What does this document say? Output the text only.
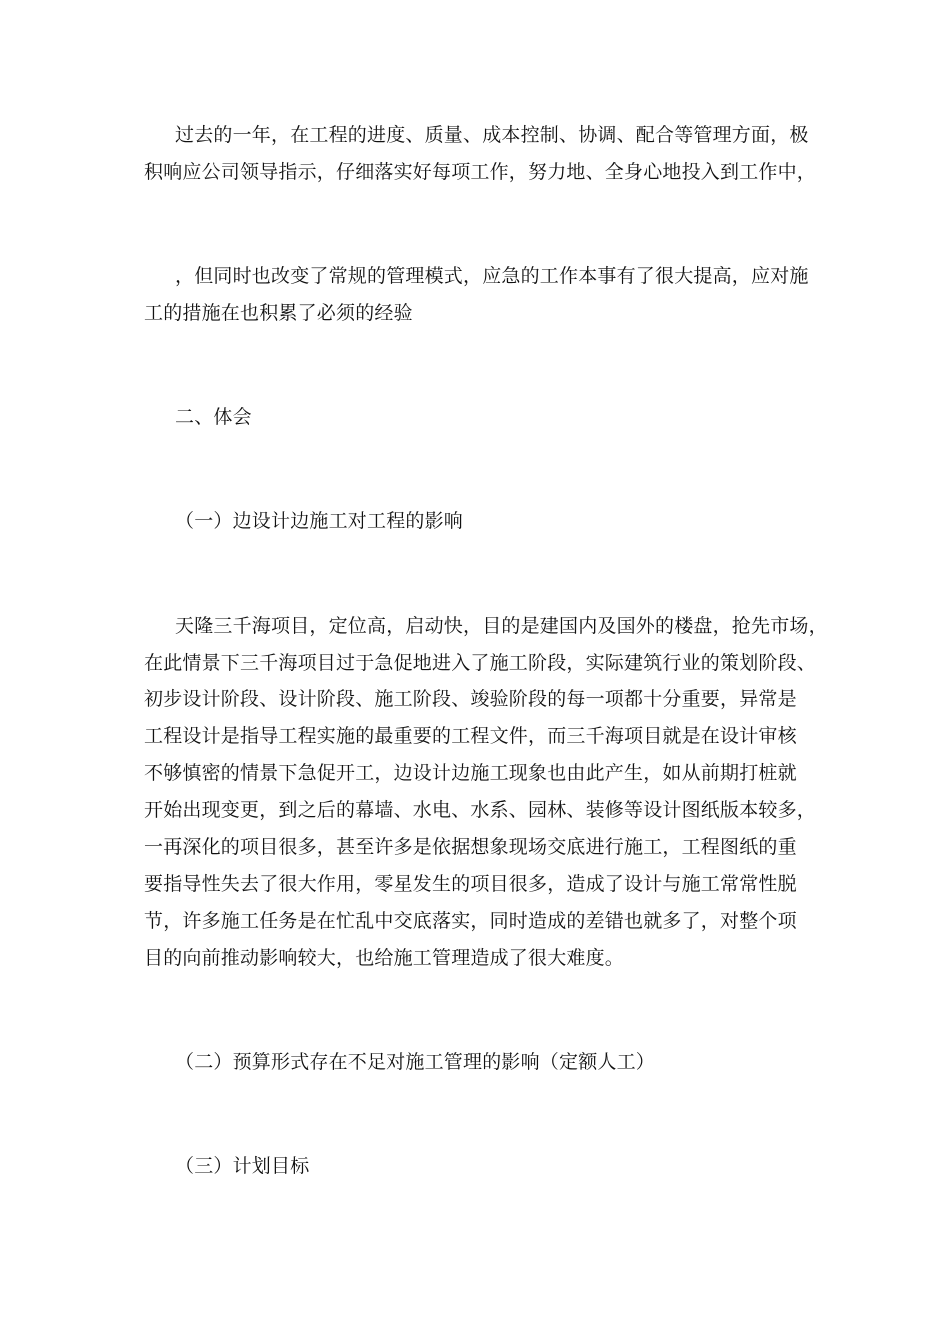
过去的一年，在工程的进度、质量、成本控制、协调、配合等管理方面，极
积响应公司领导指示，仔细落实好每项工作，努力地、全身心地投入到工作中，
，但同时也改变了常规的管理模式，应急的工作本事有了很大提高，应对施
工的措施在也积累了必须的经验
二、体会
（一）边设计边施工对工程的影响
天隆三千海项目，定位高，启动快，目的是建国内及国外的楼盘，抢先市场，
在此情景下三千海项目过于急促地进入了施工阶段，实际建筑行业的策划阶段、
初步设计阶段、设计阶段、施工阶段、竣验阶段的每一项都十分重要，异常是
工程设计是指导工程实施的最重要的工程文件，而三千海项目就是在设计审核
不够慎密的情景下急促开工，边设计边施工现象也由此产生，如从前期打桩就
开始出现变更，到之后的幕墙、水电、水系、园林、装修等设计图纸版本较多，
一再深化的项目很多，甚至许多是依据想象现场交底进行施工，工程图纸的重
要指导性失去了很大作用，零星发生的项目很多，造成了设计与施工常常性脱
节，许多施工任务是在忙乱中交底落实，同时造成的差错也就多了，对整个项
目的向前推动影响较大，也给施工管理造成了很大难度。
（二）预算形式存在不足对施工管理的影响（定额人工）
（三）计划目标
